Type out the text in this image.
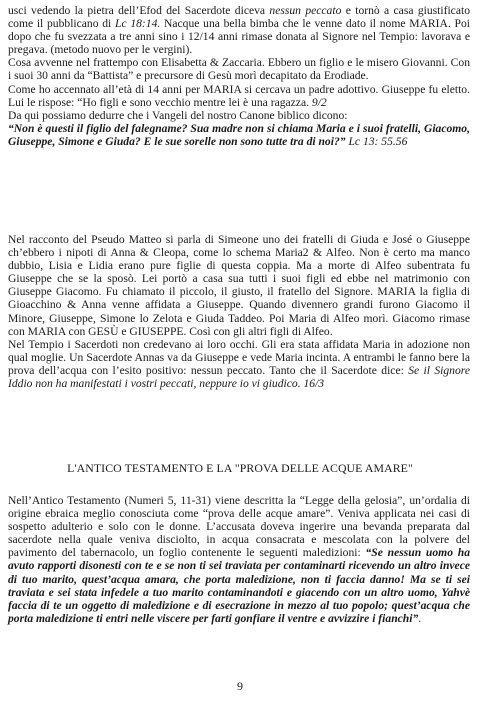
usci vedendo la pietra dell’Efod del Sacerdote diceva nessun peccato e tornò a casa giustificato come il pubblicano di Lc 18:14. Nacque una bella bimba che le venne dato il nome MARIA. Poi dopo che fu svezzata a tre anni sino i 12/14 anni rimase donata al Signore nel Tempio: lavorava e pregava. (metodo nuovo per le vergini).

Cosa avvenne nel frattempo con Elisabetta & Zaccaria. Ebbero un figlio e le misero Giovanni. Con i suoi 30 anni da “Battista” e precursore di Gesù morì decapitato da Erodiade.

Come ho accennato all’età di 14 anni per MARIA si cercava un padre adottivo. Giuseppe fu eletto. Lui le rispose: “Ho figli e sono vecchio mentre lei è una ragazza. 9/2

Da qui possiamo dedurre che i Vangeli del nostro Canone biblico dicono:

“Non è questi il figlio del falegname? Sua madre non si chiama Maria e i suoi fratelli, Giacomo, Giuseppe, Simone e Giuda? E le sue sorelle non sono tutte tra di noi?” Lc 13: 55.56

Nel racconto del Pseudo Matteo si parla di Simeone uno dei fratelli di Giuda e José o Giuseppe ch’ebbero i nipoti di Anna & Cleopa, come lo schema Maria2 & Alfeo. Non è certo ma manco dubbio, Lisia e Lidia erano pure figlie di questa coppia. Ma a morte di Alfeo subentrata fu Giuseppe che se la sposò. Lei portò a casa sua tutti i suoi figli ed ebbe nel matrimonio con Giuseppe Giacomo. Fu chiamato il piccolo, il giusto, il fratello del Signore. MARIA la figlia di Gioacchino & Anna venne affidata a Giuseppe. Quando divennero grandi furono Giacomo il Minore, Giuseppe, Simone lo Zelota e Giuda Taddeo. Poi Maria di Alfeo morì. Giacomo rimase con MARIA con GESÙ e GIUSEPPE. Così con gli altri figli di Alfeo.

Nel Tempio i Sacerdoti non credevano ai loro occhi. Gli era stata affidata Maria in adozione non qual moglie. Un Sacerdote Annas va da Giuseppe e vede Maria incinta. A entrambi le fanno bere la prova dell’acqua con l’esito positivo: nessun peccato. Tanto che il Sacerdote dice: Se il Signore Iddio non ha manifestati i vostri peccati, neppure io vi giudico. 16/3

L'ANTICO TESTAMENTO E LA "PROVA DELLE ACQUE AMARE"

Nell’Antico Testamento (Numeri 5, 11-31) viene descritta la “Legge della gelosia”, un’ordalia di origine ebraica meglio conosciuta come “prova delle acque amare”. Veniva applicata nei casi di sospetto adulterio e solo con le donne. L’accusata doveva ingerire una bevanda preparata dal sacerdote nella quale veniva disciolto, in acqua consacrata e mescolata con la polvere del pavimento del tabernacolo, un foglio contenente le seguenti maledizioni: “Se nessun uomo ha avuto rapporti disonesti con te e se non ti sei traviata per contaminarti ricevendo un altro invece di tuo marito, quest’acqua amara, che porta maledizione, non ti faccia danno! Ma se ti sei traviata e sei stata infedele a tuo marito contaminandoti e giacendo con un altro uomo, Yahvè faccia di te un oggetto di maledizione e di esecrazione in mezzo al tuo popolo; quest’acqua che porta maledizione ti entri nelle viscere per farti gonfiare il ventre e avvizzire i fianchi”.

9
